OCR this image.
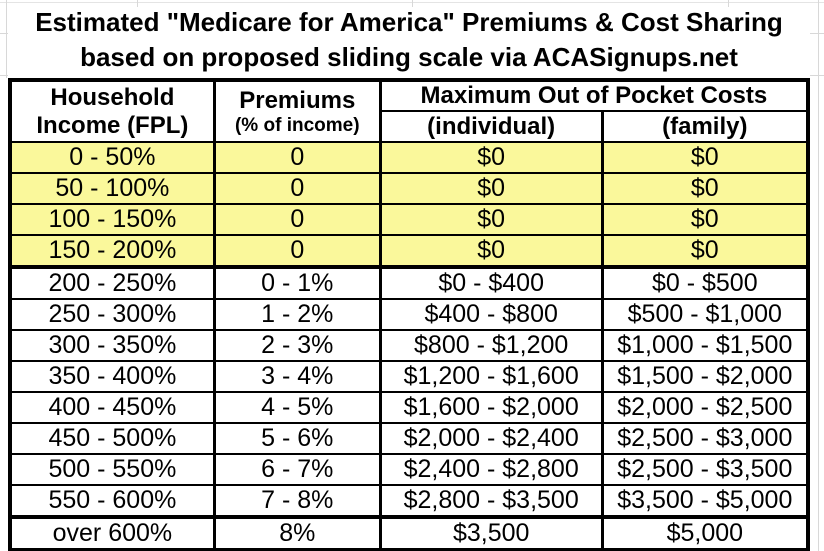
Estimated "Medicare for America" Premiums & Cost Sharing
based on proposed sliding scale via ACASignups.net
Household
Income (FPL)

Premiums
(% of income)
	Maximum Out of Pocket Costs
		(individual)	(family)
0 - 50%	0	$0	$0
50 - 100%	0	$0	$0
100 - 150%	0	$0	$0
150 - 200%	0	$0	$0
200 - 250%	0 - 1%	$0 - $400	$0 - $500
250 - 300%	1 - 2%	$400 - $800	$500 - $1,000
300 - 350%	2 - 3%	$800 - $1,200	$1,000 - $1,500
350 - 400%	3 - 4%	$1,200 - $1,600	$1,500 - $2,000
400 - 450%	4 - 5%	$1,600 - $2,000	$2,000 - $2,500
450 - 500%	5 - 6%	$2,000 - $2,400	$2,500 - $3,000
500 - 550%	6 - 7%	$2,400 - $2,800	$2,500 - $3,500
550 - 600%	7 - 8%	$2,800 - $3,500	$3,500 - $5,000
over 600%	8%	$3,500	$5,000
